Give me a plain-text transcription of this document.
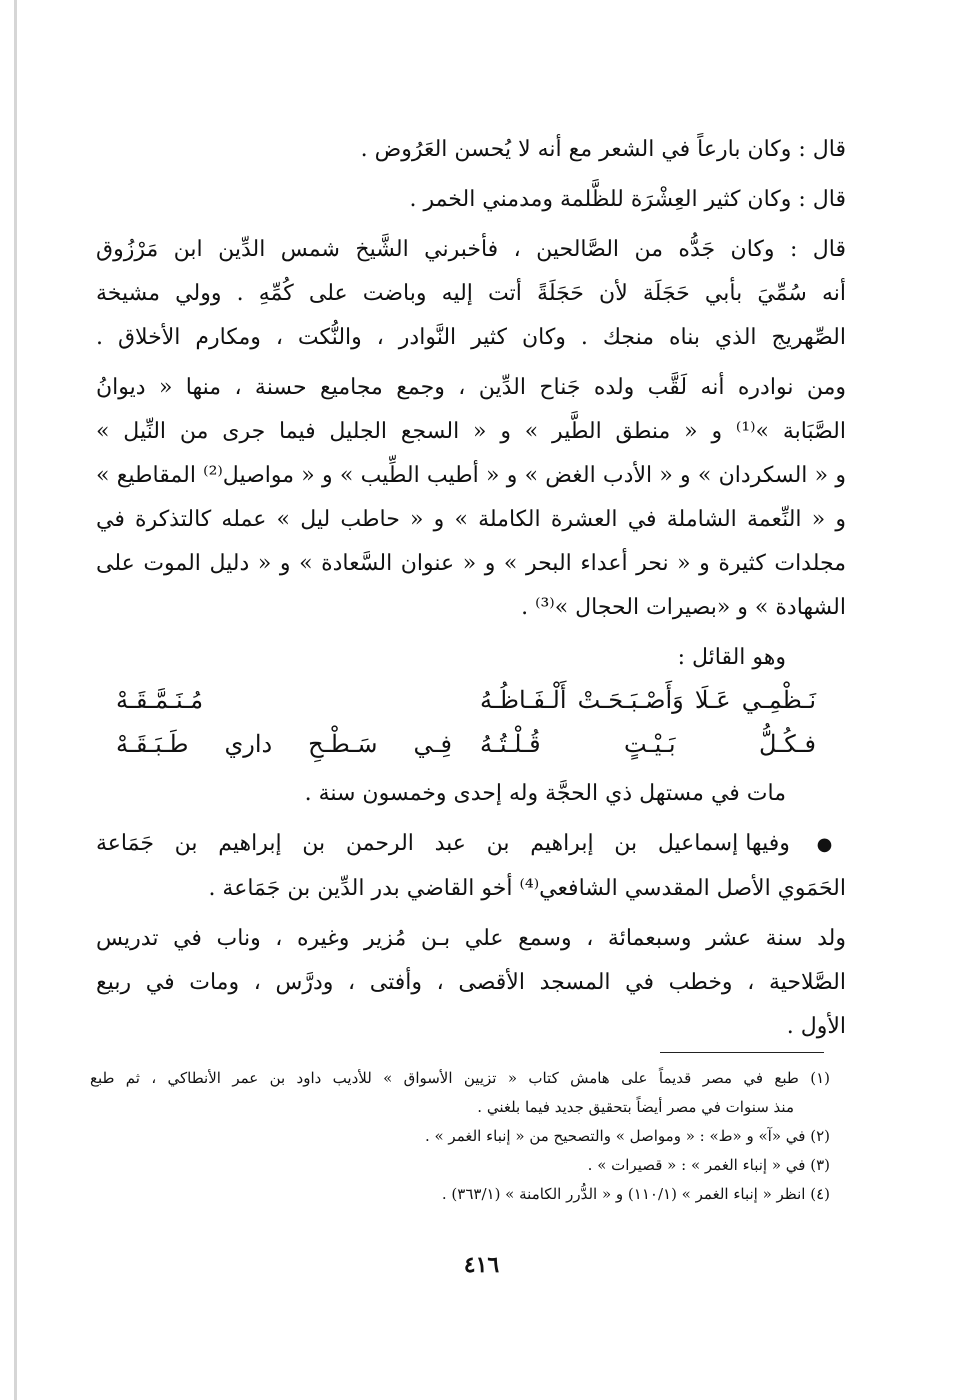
قال : وكان بارعاً في الشعر مع أنه لا يُحسن العَرُوض .
قال : وكان كثير العِشْرَة للظَّلمة ومدمني الخمر .
قال : وكان جَدُّه من الصَّالحين ، فأخبرني الشَّيخ شمس الدِّين ابن مَرْزُوق
أنه سُمِّيَ بأبي حَجَلَة لأن حَجَلَةً أتت إليه وباضت على كُمِّهِ . وولي مشيخة
الصِّهريج الذي بناه منجك . وكان كثير النَّوادر ، والنُّكت ، ومكارم الأخلاق .
ومن نوادره أنه لَقَّب ولده جَناح الدِّين ، وجمع مجاميع حسنة ، منها « ديوانُ
الصَّبَابة »⁽¹⁾ و « منطق الطَّير » و « السجع الجليل فيما جرى من النِّيل »
و « السكردان » و « الأدب الغض » و « أطيب الطِّيب » و « مواصيل⁽²⁾ المقاطيع »
و « النِّعمة الشاملة في العشرة الكاملة » و « حاطب ليل » عمله كالتذكرة في
مجلدات كثيرة و « نحر أعداء البحر » و « عنوان السَّعادة » و « دليل الموت على
الشهادة » و «بصيرات الحجال »⁽³⁾ .
وهو القائل :
نَـظْمِـي
عَـلَا
وَأَصْـبَـحَـتْ
أَلْـفَـاظُـهُ
مُـنَـمَّـقَـهْ
فـكُـلُّ
بَـيْـتٍ
قُـلْـتُـهُ
فِـي
سَـطْـحِ
داري
طَـبَـقَـهْ
مات في مستهل ذي الحجَّة وله إحدى وخمسون سنة .
● وفيها إسماعيل بن إبراهيم بن عبد الرحمن بن إبراهيم بن جَمَاعة
الحَمَوي الأصل المقدسي الشافعي⁽⁴⁾ أخو القاضي بدر الدِّين بن جَمَاعة .
ولد سنة عشر وسبعمائة ، وسمع علي بـن مُزير وغيره ، وناب في تدريس
الصَّلاحية ، وخطب في المسجد الأقصى ، وأفتى ، ودرَّس ، ومات في ربيع
الأول .
(١) طبع في مصر قديماً على هامش كتاب « تزيين الأسواق » للأديب داود بن عمر الأنطاكي ، ثم طبع
منذ سنوات في مصر أيضاً بتحقيق جديد فيما بلغني .
(٢) في «آ» و «ط» : « ومواصل » والتصحيح من « إنباء الغمر » .
(٣) في « إنباء الغمر » : « قصيرات » .
(٤) انظر « إنباء الغمر » (١١٠/١) و « الدُّرر الكامنة » (٣٦٣/١) .
٤١٦
